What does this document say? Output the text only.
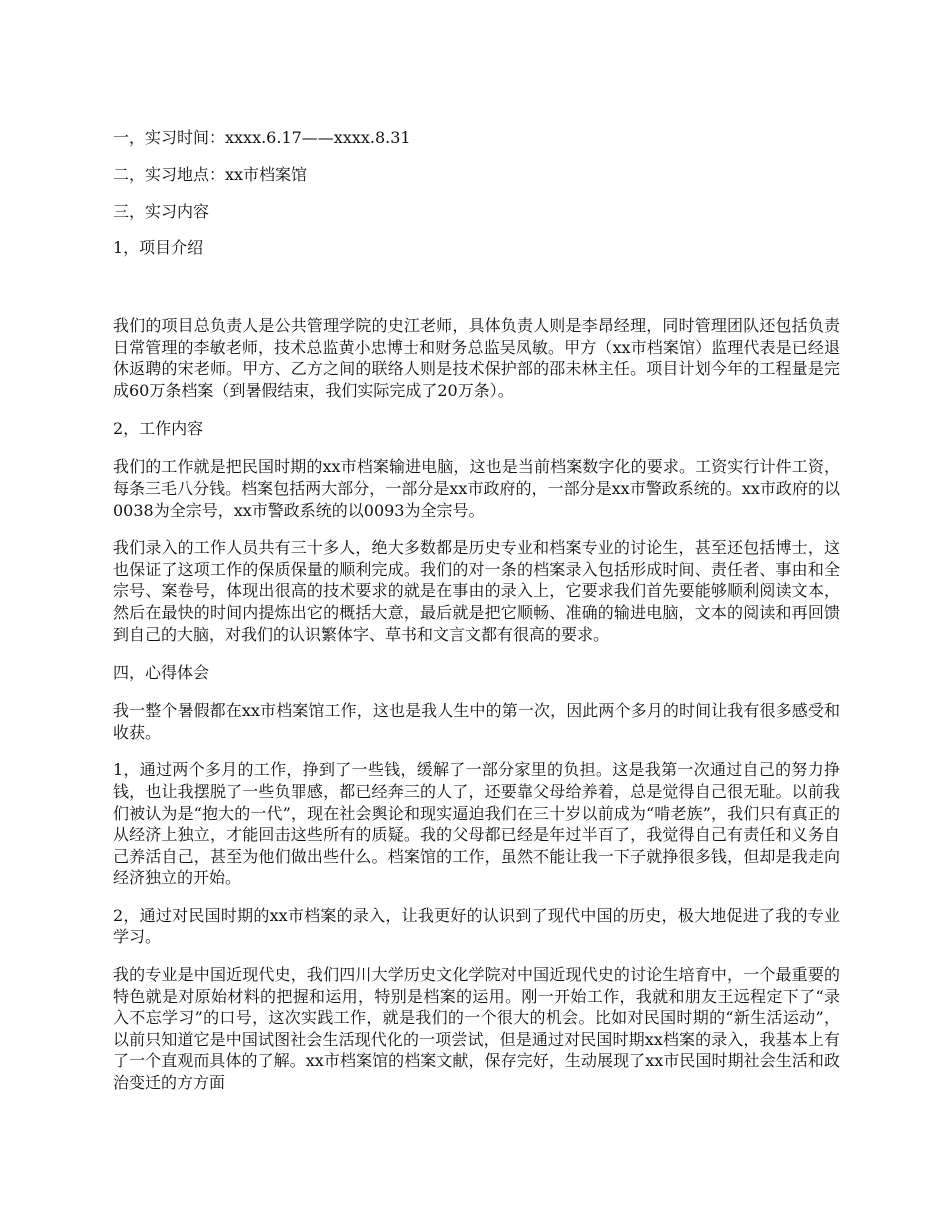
一，实习时间：xxxx.6.17——xxxx.8.31

二，实习地点：xx市档案馆

三，实习内容

1，项目介绍

我们的项目总负责人是公共管理学院的史江老师，具体负责人则是李昂经理，同时管理团队还包括负责日常管理的李敏老师，技术总监黄小忠博士和财务总监吴凤敏。甲方（xx市档案馆）监理代表是已经退休返聘的宋老师。甲方、乙方之间的联络人则是技术保护部的邵未林主任。项目计划今年的工程量是完成60万条档案（到暑假结束，我们实际完成了20万条）。

2，工作内容

我们的工作就是把民国时期的xx市档案输进电脑，这也是当前档案数字化的要求。工资实行计件工资，每条三毛八分钱。档案包括两大部分，一部分是xx市政府的，一部分是xx市警政系统的。xx市政府的以0038为全宗号，xx市警政系统的以0093为全宗号。

我们录入的工作人员共有三十多人，绝大多数都是历史专业和档案专业的讨论生，甚至还包括博士，这也保证了这项工作的保质保量的顺利完成。我们的对一条的档案录入包括形成时间、责任者、事由和全宗号、案卷号，体现出很高的技术要求的就是在事由的录入上，它要求我们首先要能够顺利阅读文本，然后在最快的时间内提炼出它的概括大意，最后就是把它顺畅、准确的输进电脑，文本的阅读和再回馈到自己的大脑，对我们的认识繁体字、草书和文言文都有很高的要求。

四，心得体会

我一整个暑假都在xx市档案馆工作，这也是我人生中的第一次，因此两个多月的时间让我有很多感受和收获。

1，通过两个多月的工作，挣到了一些钱，缓解了一部分家里的负担。这是我第一次通过自己的努力挣钱，也让我摆脱了一些负罪感，都已经奔三的人了，还要靠父母给养着，总是觉得自己很无耻。以前我们被认为是“抱大的一代”，现在社会舆论和现实逼迫我们在三十岁以前成为“啃老族”，我们只有真正的从经济上独立，才能回击这些所有的质疑。我的父母都已经是年过半百了，我觉得自己有责任和义务自己养活自己，甚至为他们做出些什么。档案馆的工作，虽然不能让我一下子就挣很多钱，但却是我走向经济独立的开始。

2，通过对民国时期的xx市档案的录入，让我更好的认识到了现代中国的历史，极大地促进了我的专业学习。

我的专业是中国近现代史，我们四川大学历史文化学院对中国近现代史的讨论生培育中，一个最重要的特色就是对原始材料的把握和运用，特别是档案的运用。刚一开始工作，我就和朋友王远程定下了“录入不忘学习”的口号，这次实践工作，就是我们的一个很大的机会。比如对民国时期的“新生活运动”，以前只知道它是中国试图社会生活现代化的一项尝试，但是通过对民国时期xx档案的录入，我基本上有了一个直观而具体的了解。xx市档案馆的档案文献，保存完好，生动展现了xx市民国时期社会生活和政治变迁的方方面
